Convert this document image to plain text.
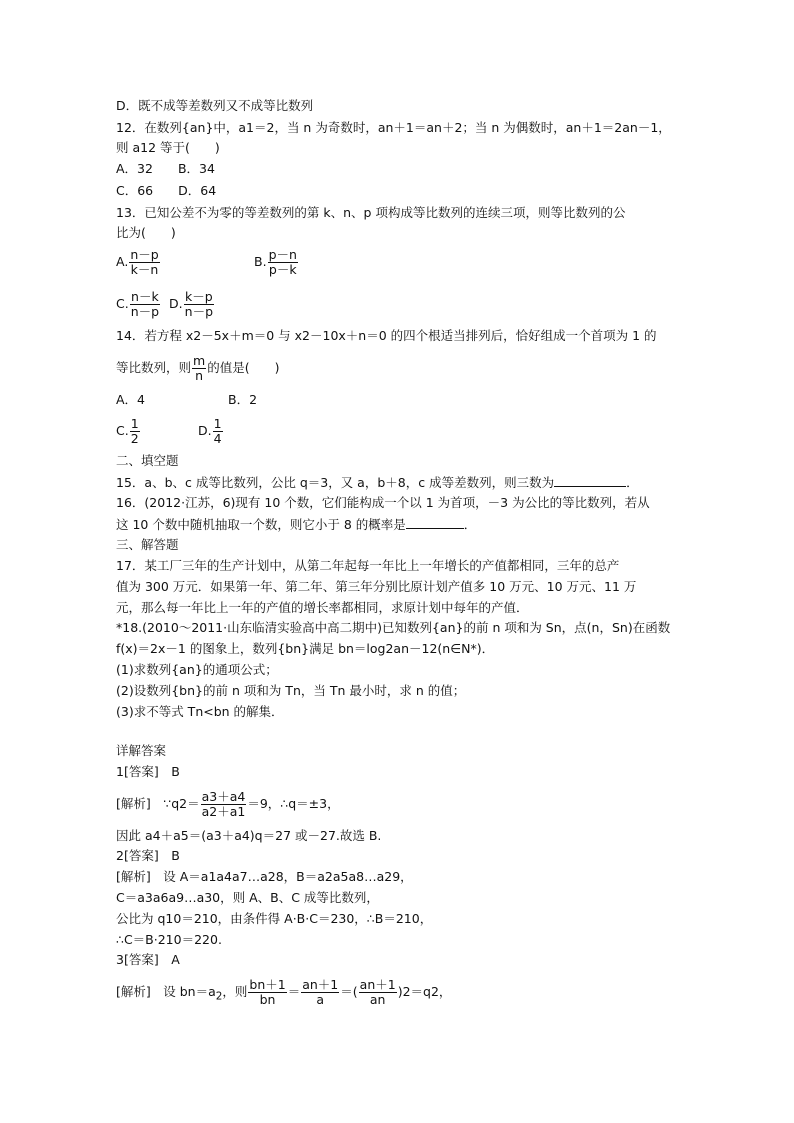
D．既不成等差数列又不成等比数列
12．在数列{an}中，a1＝2，当 n 为奇数时，an＋1＝an＋2；当 n 为偶数时，an＋1＝2an－1，
则 a12 等于(　　)
A．32　　B．34
C．66　　D．64
13．已知公差不为零的等差数列的第 k、n、p 项构成等比数列的连续三项，则等比数列的公
比为(　　)
A. $\frac{n-p}{k-n}$	B. $\frac{p-n}{p-k}$
C. $\frac{n-k}{n-p} D$. $\frac{k-p}{n-p}$
14．若方程 x2－5x＋m＝0 与 x2－10x＋n＝0 的四个根适当排列后，恰好组成一个首项为 1 的
等比数列，则 $\frac{m}{n}$ 的值是(　　)
A．4	B．2
C. $\frac{1}{2}$	D. $\frac{1}{4}$
二、填空题
15．a、b、c 成等比数列，公比 q＝3，又 a，b＋8，c 成等差数列，则三数为	．
16．(2012·江苏，6)现有 10 个数，它们能构成一个以 1 为首项，－3 为公比的等比数列，若从
这 10 个数中随机抽取一个数，则它小于 8 的概率是	．
三、解答题
17．某工厂三年的生产计划中，从第二年起每一年比上一年增长的产值都相同，三年的总产
值为 300 万元．如果第一年、第二年、第三年分别比原计划产值多 10 万元、10 万元、11 万
元，那么每一年比上一年的产值的增长率都相同，求原计划中每年的产值．
*18.(2010～2011·山东临清实验高中高二期中)已知数列{an}的前 n 项和为 Sn，点(n，Sn)在函数
f(x)＝2x－1 的图象上，数列{bn}满足 bn＝log2an－12(n∈N*)．
(1)求数列{an}的通项公式；
(2)设数列{bn}的前 n 项和为 Tn，当 Tn 最小时，求 n 的值；
(3)求不等式 Tn<bn 的解集．
详解答案
1[答案]　B
[解析]　∵q2＝ $\frac{a3+a4}{a2+a1} =9$，∴q＝±3，
因此 a4＋a5＝(a3＋a4)q＝27 或－27.故选 B.
2[答案]　B
[解析]　设 A＝a1a4a7…a28，B＝a2a5a8…a29，
C＝a3a6a9…a30，则 A、B、C 成等比数列，
公比为 q10＝210，由条件得 A·B·C＝230，∴B＝210，
∴C＝B·210＝220.
3[答案]　A
[解析]　设 $bn=a_2$，则 $\frac{bn+1}{bn} = \frac{an+1}{a}$ ＝( $\frac{an+1}{an} )2=q2$，
